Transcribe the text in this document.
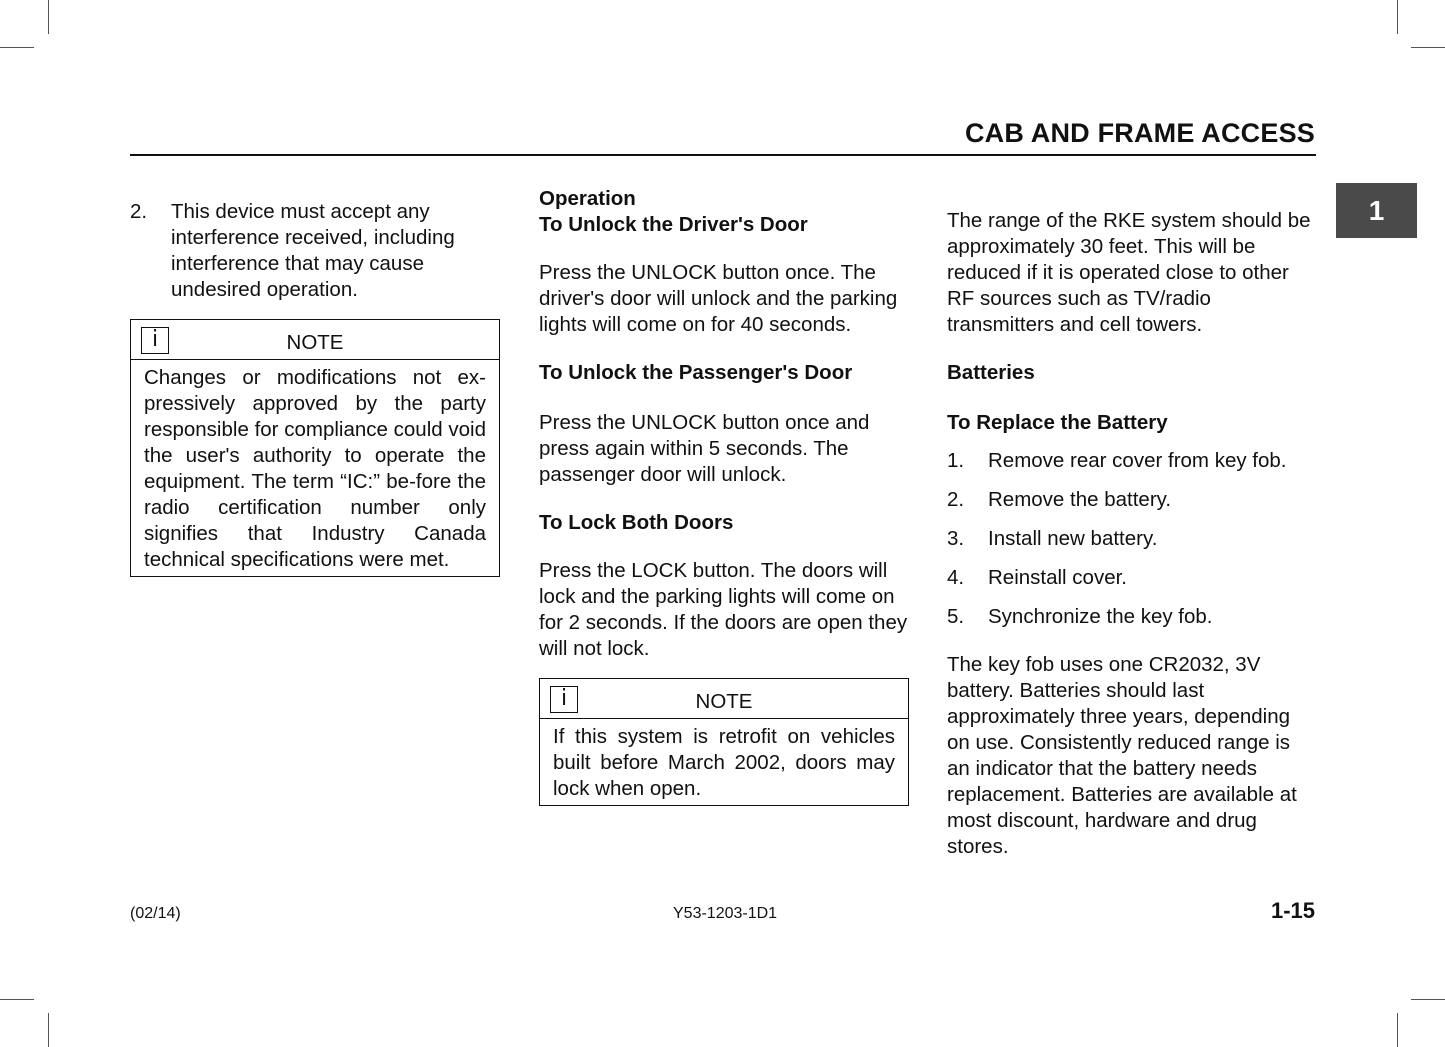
CAB AND FRAME ACCESS
1
2.	This device must accept any interference received, including interference that may cause undesired operation.
i	NOTE
Changes or modifications not ex-pressively approved by the party responsible for compliance could void the user's authority to operate the equipment. The term “IC:” be-fore the radio certification number only signifies that Industry Canada technical specifications were met.

Operation

To Unlock the Driver's Door

Press the UNLOCK button once. The driver's door will unlock and the parking lights will come on for 40 seconds.

To Unlock the Passenger's Door

Press the UNLOCK button once and press again within 5 seconds. The passenger door will unlock.

To Lock Both Doors

Press the LOCK button. The doors will lock and the parking lights will come on for 2 seconds. If the doors are open they will not lock.

i	NOTE
If this system is retrofit on vehicles built before March 2002, doors may lock when open.

The range of the RKE system should be approximately 30 feet. This will be reduced if it is operated close to other RF sources such as TV/radio transmitters and cell towers.

Batteries

To Replace the Battery

1.	Remove rear cover from key fob.
2.	Remove the battery.
3.	Install new battery.
4.	Reinstall cover.
5.	Synchronize the key fob.

The key fob uses one CR2032, 3V battery. Batteries should last approximately three years, depending on use. Consistently reduced range is an indicator that the battery needs replacement. Batteries are available at most discount, hardware and drug stores.

(02/14)	Y53-1203-1D1	1-15
